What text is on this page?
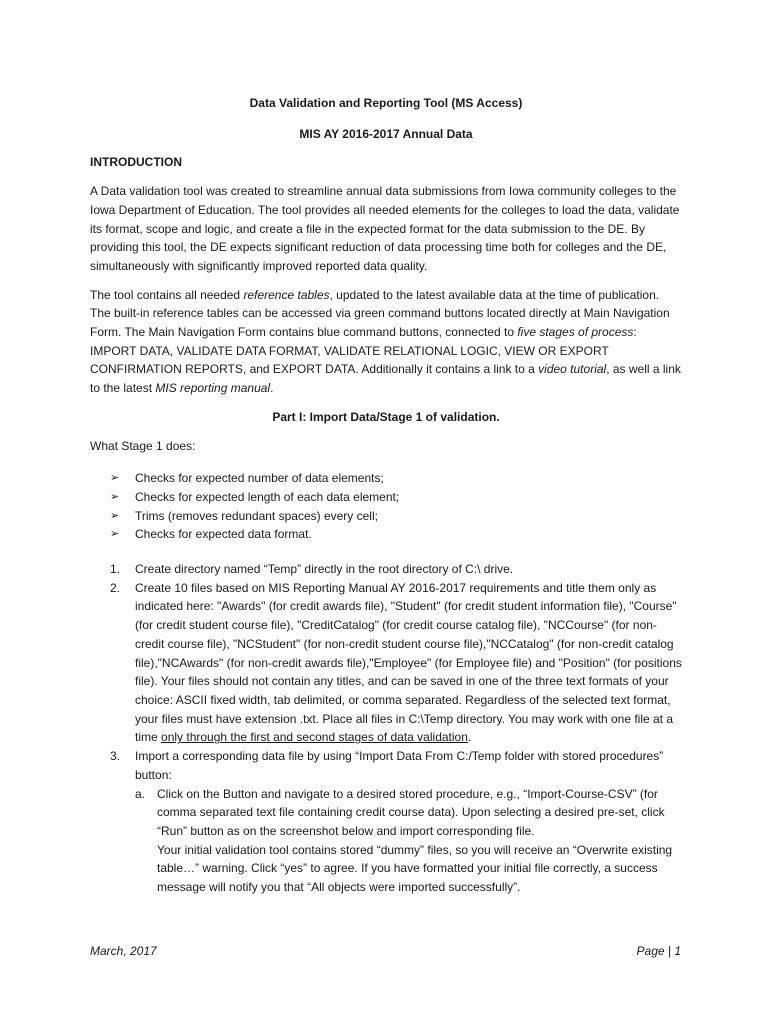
Data Validation and Reporting Tool (MS Access)

MIS AY 2016-2017 Annual Data

INTRODUCTION

A Data validation tool was created to streamline annual data submissions from Iowa community colleges to the Iowa Department of Education. The tool provides all needed elements for the colleges to load the data, validate its format, scope and logic, and create a file in the expected format for the data submission to the DE. By providing this tool, the DE expects significant reduction of data processing time both for colleges and the DE, simultaneously with significantly improved reported data quality.

The tool contains all needed reference tables, updated to the latest available data at the time of publication. The built-in reference tables can be accessed via green command buttons located directly at Main Navigation Form. The Main Navigation Form contains blue command buttons, connected to five stages of process: IMPORT DATA, VALIDATE DATA FORMAT, VALIDATE RELATIONAL LOGIC, VIEW OR EXPORT CONFIRMATION REPORTS, and EXPORT DATA. Additionally it contains a link to a video tutorial, as well a link to the latest MIS reporting manual.

Part I: Import Data/Stage 1 of validation.

What Stage 1 does:

➢ Checks for expected number of data elements;
➢ Checks for expected length of each data element;
➢ Trims (removes redundant spaces) every cell;
➢ Checks for expected data format.
1. Create directory named “Temp” directly in the root directory of C:\ drive.
2. Create 10 files based on MIS Reporting Manual AY 2016-2017 requirements and title them only as indicated here: "Awards" (for credit awards file), "Student" (for credit student information file), "Course" (for credit student course file), "CreditCatalog" (for credit course catalog file), "NCCourse" (for non-credit course file), "NCStudent" (for non-credit student course file),"NCCatalog" (for non-credit catalog file),"NCAwards" (for non-credit awards file),"Employee" (for Employee file) and "Position" (for positions file). Your files should not contain any titles, and can be saved in one of the three text formats of your choice: ASCII fixed width, tab delimited, or comma separated. Regardless of the selected text format, your files must have extension .txt. Place all files in C:\Temp directory. You may work with one file at a time only through the first and second stages of data validation.
3. Import a corresponding data file by using “Import Data From C:/Temp folder with stored procedures” button:
a. Click on the Button and navigate to a desired stored procedure, e.g., “Import-Course-CSV” (for comma separated text file containing credit course data). Upon selecting a desired pre-set, click “Run” button as on the screenshot below and import corresponding file.
Your initial validation tool contains stored “dummy” files, so you will receive an “Overwrite existing table…” warning. Click “yes” to agree. If you have formatted your initial file correctly, a success message will notify you that “All objects were imported successfully”.
March, 2017	Page | 1
